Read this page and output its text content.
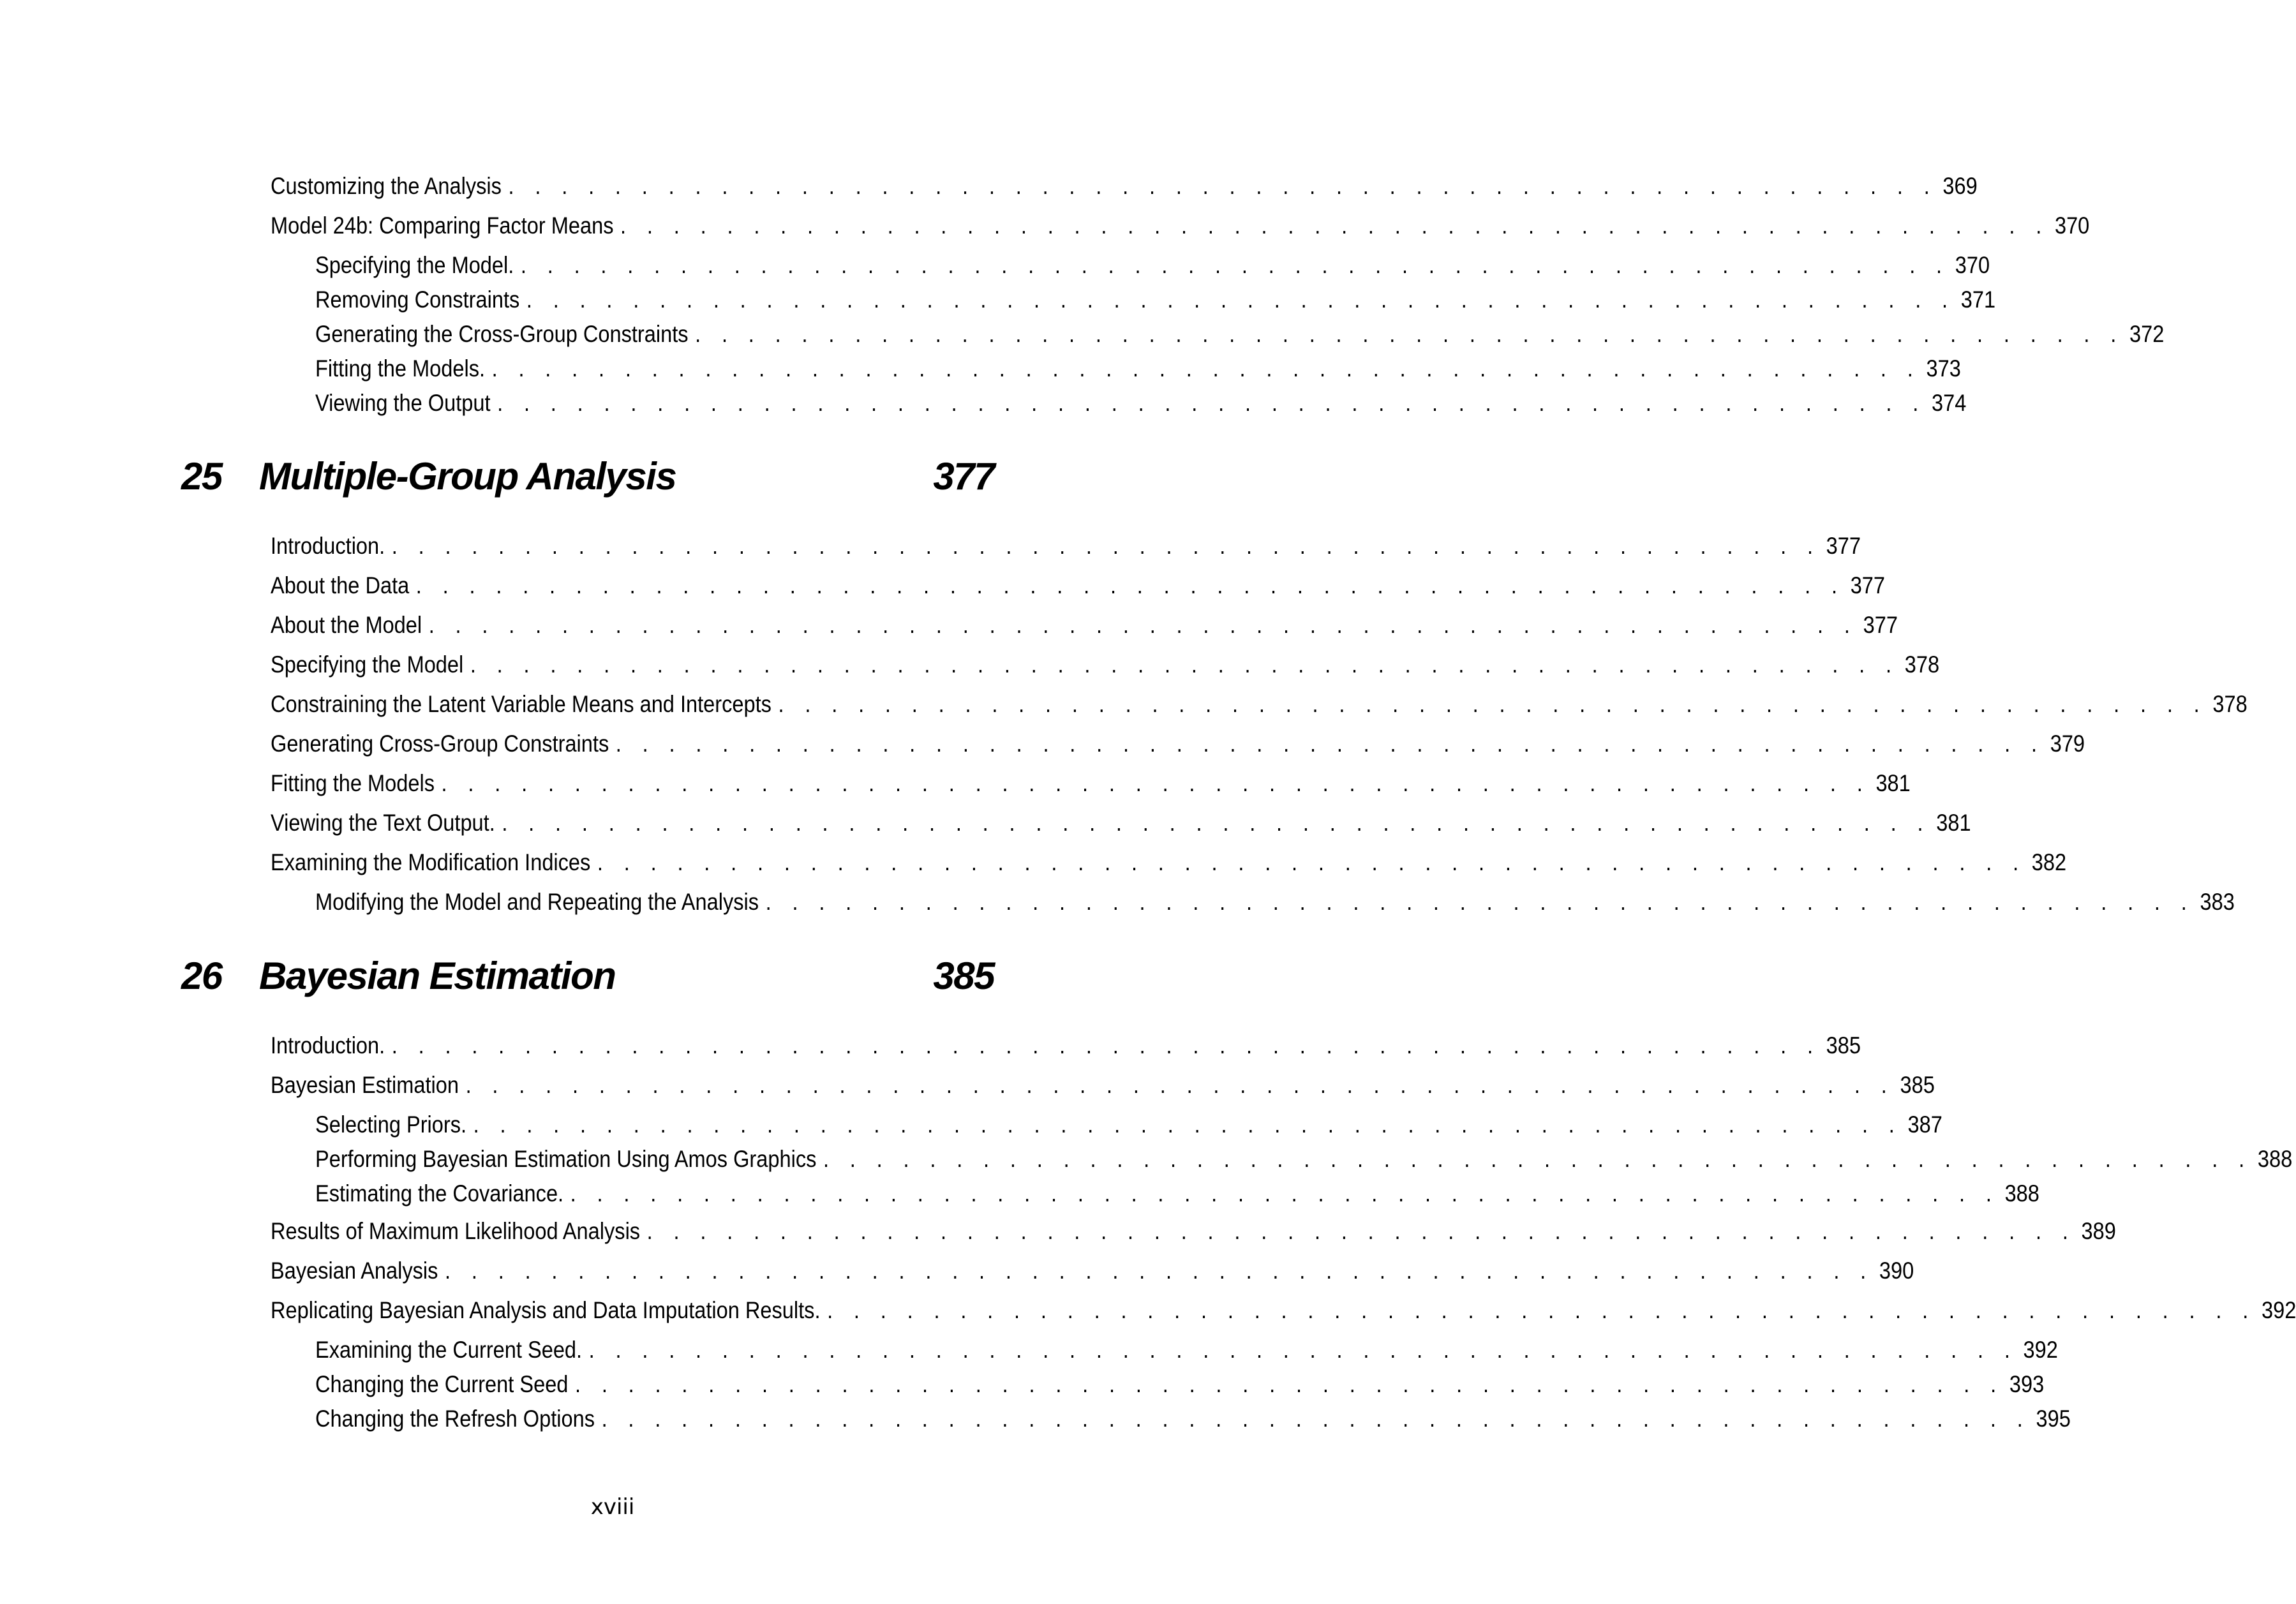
Customizing the Analysis . . . . . . . . . . . . . . . . . . . . . . . . . . . . . . . . . . . . . . . . . . . . . . . . . . . . . . 369
Model 24b: Comparing Factor Means . . . . . . . . . . . . . . . . . . . . . . . . . . . . . . . . . . . . . . . . . . . . . . . . . . . . . . 370
Specifying the Model. . . . . . . . . . . . . . . . . . . . . . . . . . . . . . . . . . . . . . . . . . . . . . . . . . . . . . . 370
Removing Constraints . . . . . . . . . . . . . . . . . . . . . . . . . . . . . . . . . . . . . . . . . . . . . . . . . . . . . . 371
Generating the Cross-Group Constraints . . . . . . . . . . . . . . . . . . . . . . . . . . . . . . . . . . . . . . . . . . . . . . . . . . . . . . 372
Fitting the Models. . . . . . . . . . . . . . . . . . . . . . . . . . . . . . . . . . . . . . . . . . . . . . . . . . . . . . . 373
Viewing the Output . . . . . . . . . . . . . . . . . . . . . . . . . . . . . . . . . . . . . . . . . . . . . . . . . . . . . . 374
25 Multiple-Group Analysis	377
Introduction. . . . . . . . . . . . . . . . . . . . . . . . . . . . . . . . . . . . . . . . . . . . . . . . . . . . . . . 377
About the Data . . . . . . . . . . . . . . . . . . . . . . . . . . . . . . . . . . . . . . . . . . . . . . . . . . . . . . 377
About the Model . . . . . . . . . . . . . . . . . . . . . . . . . . . . . . . . . . . . . . . . . . . . . . . . . . . . . . 377
Specifying the Model . . . . . . . . . . . . . . . . . . . . . . . . . . . . . . . . . . . . . . . . . . . . . . . . . . . . . . 378
Constraining the Latent Variable Means and Intercepts . . . . . . . . . . . . . . . . . . . . . . . . . . . . . . . . . . . . . . . . . . . . . . . . . . . . . . 378
Generating Cross-Group Constraints . . . . . . . . . . . . . . . . . . . . . . . . . . . . . . . . . . . . . . . . . . . . . . . . . . . . . . 379
Fitting the Models . . . . . . . . . . . . . . . . . . . . . . . . . . . . . . . . . . . . . . . . . . . . . . . . . . . . . . 381
Viewing the Text Output. . . . . . . . . . . . . . . . . . . . . . . . . . . . . . . . . . . . . . . . . . . . . . . . . . . . . . . 381
Examining the Modification Indices . . . . . . . . . . . . . . . . . . . . . . . . . . . . . . . . . . . . . . . . . . . . . . . . . . . . . . 382
Modifying the Model and Repeating the Analysis . . . . . . . . . . . . . . . . . . . . . . . . . . . . . . . . . . . . . . . . . . . . . . . . . . . . . . 383
26 Bayesian Estimation	385
Introduction. . . . . . . . . . . . . . . . . . . . . . . . . . . . . . . . . . . . . . . . . . . . . . . . . . . . . . . 385
Bayesian Estimation . . . . . . . . . . . . . . . . . . . . . . . . . . . . . . . . . . . . . . . . . . . . . . . . . . . . . . 385
Selecting Priors. . . . . . . . . . . . . . . . . . . . . . . . . . . . . . . . . . . . . . . . . . . . . . . . . . . . . . . 387
Performing Bayesian Estimation Using Amos Graphics . . . . . . . . . . . . . . . . . . . . . . . . . . . . . . . . . . . . . . . . . . . . . . . . . . . . . . 388
Estimating the Covariance. . . . . . . . . . . . . . . . . . . . . . . . . . . . . . . . . . . . . . . . . . . . . . . . . . . . . . . 388
Results of Maximum Likelihood Analysis . . . . . . . . . . . . . . . . . . . . . . . . . . . . . . . . . . . . . . . . . . . . . . . . . . . . . . 389
Bayesian Analysis . . . . . . . . . . . . . . . . . . . . . . . . . . . . . . . . . . . . . . . . . . . . . . . . . . . . . . 390
Replicating Bayesian Analysis and Data Imputation Results. . . . . . . . . . . . . . . . . . . . . . . . . . . . . . . . . . . . . . . . . . . . . . . . . . . . . . . 392
Examining the Current Seed. . . . . . . . . . . . . . . . . . . . . . . . . . . . . . . . . . . . . . . . . . . . . . . . . . . . . . . 392
Changing the Current Seed . . . . . . . . . . . . . . . . . . . . . . . . . . . . . . . . . . . . . . . . . . . . . . . . . . . . . . 393
Changing the Refresh Options . . . . . . . . . . . . . . . . . . . . . . . . . . . . . . . . . . . . . . . . . . . . . . . . . . . . . . 395
xviii
